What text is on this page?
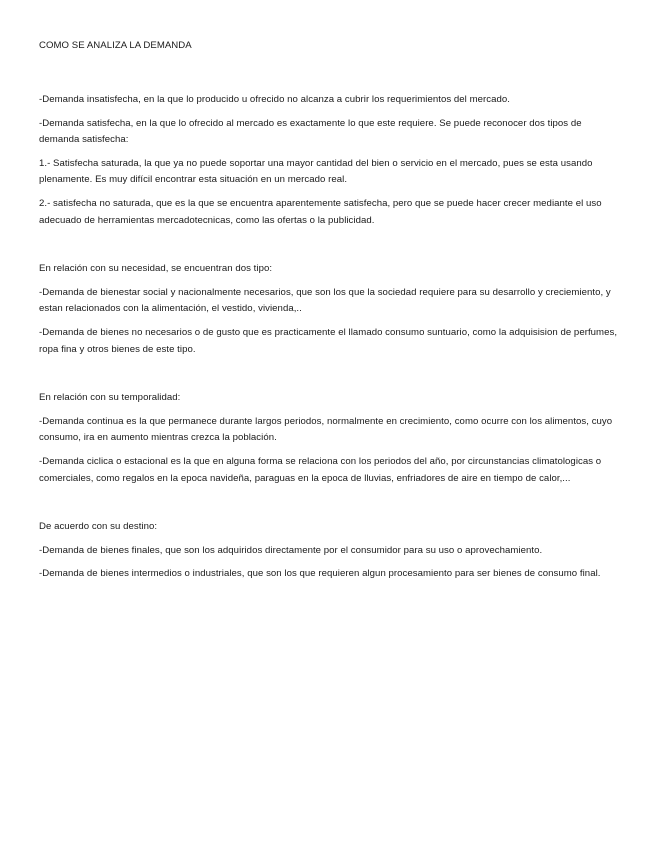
COMO SE ANALIZA LA DEMANDA

-Demanda insatisfecha, en la que lo producido u ofrecido no alcanza a cubrir los requerimientos del mercado.

-Demanda satisfecha, en la que lo ofrecido al mercado es exactamente lo que este requiere. Se puede reconocer dos tipos de demanda satisfecha:

1.- Satisfecha saturada, la que ya no puede soportar una mayor cantidad del bien o servicio en el mercado, pues se esta usando plenamente. Es muy difícil encontrar esta situación en un mercado real.

2.- satisfecha no saturada, que es la que se encuentra aparentemente satisfecha, pero que se puede hacer crecer mediante el uso adecuado de herramientas mercadotecnicas, como las ofertas o la publicidad.

En relación con su necesidad, se encuentran dos tipo:

-Demanda de bienestar social y nacionalmente necesarios, que son los que la sociedad requiere para su desarrollo y creciemiento, y estan relacionados con la alimentación, el vestido, vivienda,..

-Demanda de bienes no necesarios o de gusto que es practicamente el llamado consumo suntuario, como la adquisision de perfumes, ropa fina y otros bienes de este tipo.

En relación con su temporalidad:

-Demanda continua es la que permanece durante largos periodos, normalmente en crecimiento, como ocurre con los alimentos, cuyo consumo, ira en aumento mientras crezca la población.

-Demanda ciclica o estacional es la que en alguna forma se relaciona con los periodos del año, por circunstancias climatologicas o comerciales, como regalos en la epoca navideña, paraguas en la epoca de lluvias, enfriadores de aire en tiempo de calor,...

De acuerdo con su destino:

-Demanda de bienes finales, que son los adquiridos directamente por el consumidor para su uso o aprovechamiento.

-Demanda de bienes intermedios o industriales, que son los que requieren algun procesamiento para ser bienes de consumo final.
